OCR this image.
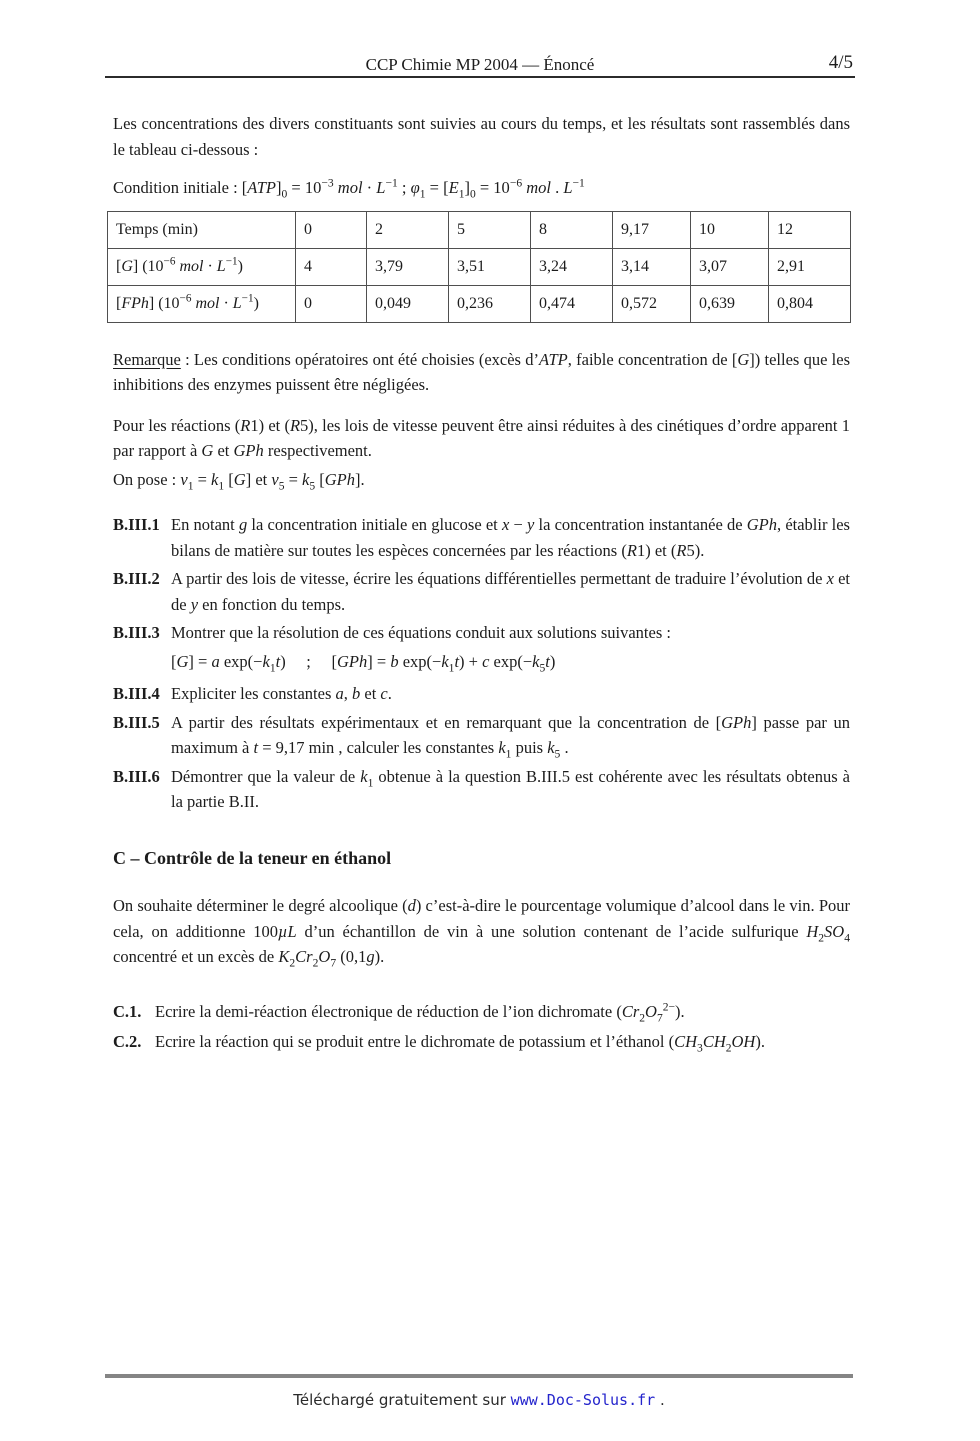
CCP Chimie MP 2004 — Énoncé	4/5

Les concentrations des divers constituants sont suivies au cours du temps, et les résultats sont rassemblés dans le tableau ci-dessous :

Condition initiale : $[ATP]_0 = 10^{-3}$ mol · $L^{-1}$ ; $\varphi_1 = [E_1]_0 = 10^{-6}$ mol . $L^{-1}$

Temps (min)	0	2	5	8	9,17	10	12
[G] ($10^{-6}$ mol · $L^{-1}$)	4	3,79	3,51	3,24	3,14	3,07	2,91
[FPh] ($10^{-6}$ mol · $L^{-1}$)	0	0,049	0,236	0,474	0,572	0,639	0,804

Remarque : Les conditions opératoires ont été choisies (excès d’ATP, faible concentration de [G]) telles que les inhibitions des enzymes puissent être négligées.

Pour les réactions (R1) et (R5), les lois de vitesse peuvent être ainsi réduites à des cinétiques d’ordre apparent 1 par rapport à G et GPh respectivement.

On pose : $v_1 = k_1$ [G] et $v_5 = k_5$ [GPh].

B.III.1 En notant g la concentration initiale en glucose et x − y la concentration instantanée de GPh, établir les bilans de matière sur toutes les espèces concernées par les réactions (R1) et (R5).
B.III.2 A partir des lois de vitesse, écrire les équations différentielles permettant de traduire l’évolution de x et de y en fonction du temps.
B.III.3 Montrer que la résolution de ces équations conduit aux solutions suivantes :
[G] = a $\exp(-k_1t)$     ;     [GPh] = b $\exp(-k_1t) + c$ $\exp(-k_5t)$
B.III.4 Expliciter les constantes a, b et c.
B.III.5 A partir des résultats expérimentaux et en remarquant que la concentration de [GPh] passe par un maximum à t = 9,17 min , calculer les constantes $k_1$ puis $k_5$ .
B.III.6 Démontrer que la valeur de $k_1$ obtenue à la question B.III.5 est cohérente avec les résultats obtenus à la partie B.II.
C – Contrôle de la teneur en éthanol

On souhaite déterminer le degré alcoolique (d) c’est-à-dire le pourcentage volumique d’alcool dans le vin. Pour cela, on additionne 100µL d’un échantillon de vin à une solution contenant de l’acide sulfurique $H_2SO_4$ concentré et un excès de $K_2Cr_2O_7$ (0,1g).

C.1. Ecrire la demi-réaction électronique de réduction de l’ion dichromate $(Cr_2O_7^{2-})$.
C.2. Ecrire la réaction qui se produit entre le dichromate de potassium et l’éthanol $(CH_3CH_2OH)$.
Téléchargé gratuitement sur www.Doc-Solus.fr .
